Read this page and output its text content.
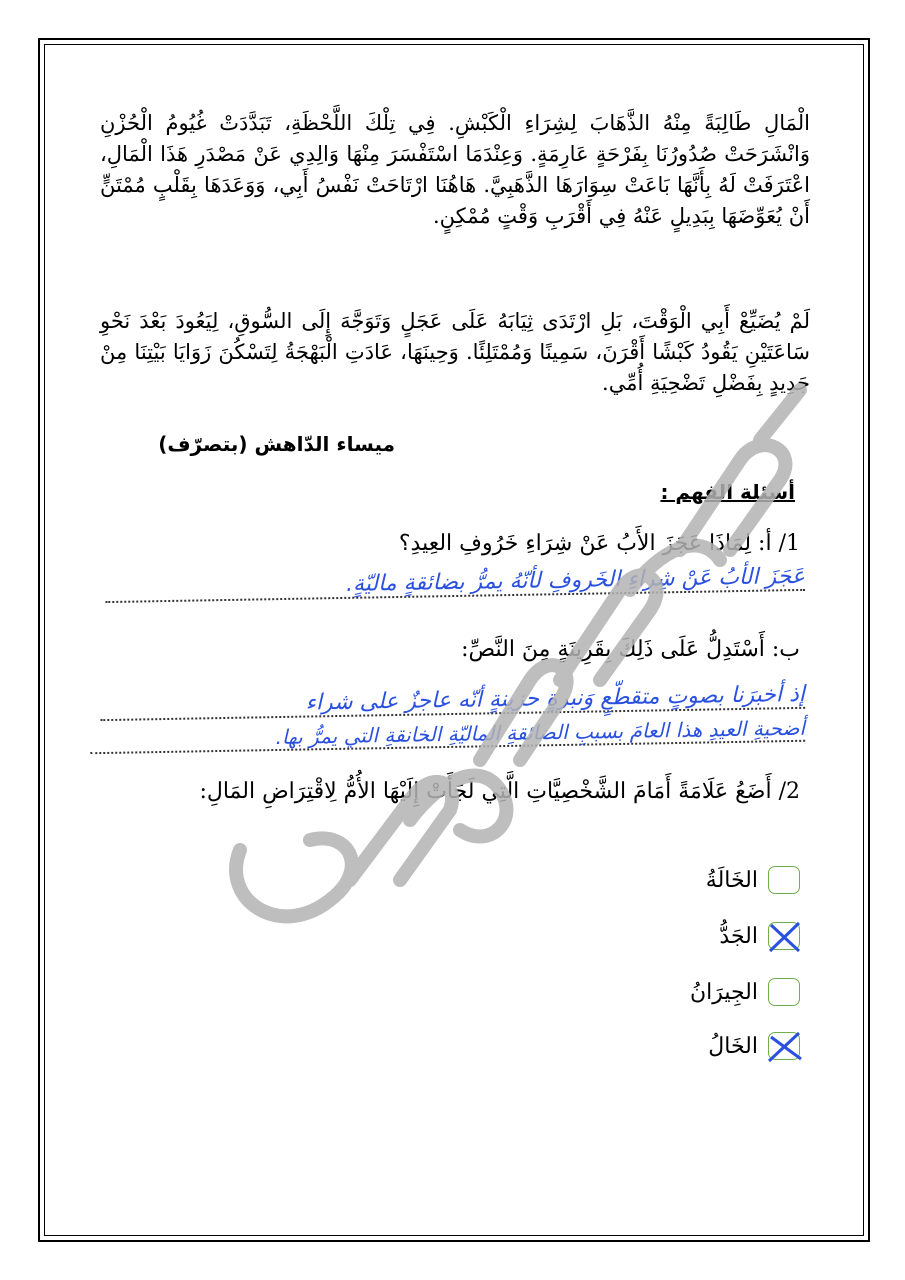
الْمَالِ طَالِبَةً مِنْهُ الذَّهَابَ لِشِرَاءِ الْكَبْشِ. فِي تِلْكَ اللَّحْظَةِ، تَبَدَّدَتْ غُيُومُ الْحُزْنِ وَانْشَرَحَتْ صُدُورُنَا بِفَرْحَةٍ عَارِمَةٍ. وَعِنْدَمَا اسْتَفْسَرَ مِنْهَا وَالِدِي عَنْ مَصْدَرِ هَذَا الْمَالِ، اعْتَرَفَتْ لَهُ بِأَنَّهَا بَاعَتْ سِوَارَهَا الذَّهَبِيَّ. هَاهُنَا ارْتَاحَتْ نَفْسُ أَبِي، وَوَعَدَهَا بِقَلْبٍ مُمْتَنٍّ أَنْ يُعَوِّضَهَا بِبَدِيلٍ عَنْهُ فِي أَقْرَبِ وَقْتٍ مُمْكِنٍ.

لَمْ يُضَيِّعْ أَبِي الْوَقْتَ، بَلِ ارْتَدَى ثِيَابَهُ عَلَى عَجَلٍ وَتَوَجَّهَ إِلَى السُّوقِ، لِيَعُودَ بَعْدَ نَحْوِ سَاعَتَيْنِ يَقُودُ كَبْشًا أَقْرَنَ، سَمِينًا وَمُمْتَلِئًا. وَحِينَهَا، عَادَتِ الْبَهْجَةُ لِتَسْكُنَ زَوَايَا بَيْتِنَا مِنْ جَدِيدٍ بِفَضْلِ تَضْحِيَةِ أُمِّي.

ميساء الدّاهش (بتصرّف)

أسئلة الفهم :

1/ أ: لِمَاذَا عَجَزَ الأَبُ عَنْ شِرَاءِ خَرُوفِ العِيدِ؟

عَجَزَ الأبُ عَنْ شِراءِ الخَروفِ لأنّهُ يمرُّ بضائقةٍ ماليّةٍ.

ب: أَسْتَدِلُّ عَلَى ذَلِكَ بِقَرِينَةٍ مِنَ النَّصِّ:

إذ أخبرَنا بصوتٍ متقطّعٍ وَنبرةٍ حزينةٍ أنّه عاجزٌ على شراء

أضحيةِ العيدِ هذا العامَ بسببِ الضائقةِ الماليّةِ الخانقةِ التي يمرُّ بها.

2/ أَضَعُ عَلَامَةً أَمَامَ الشَّخْصِيَّاتِ الَّتِي لَجَأَتْ إِلَيْهَا الأُمُّ لِاقْتِرَاضِ المَالِ:

الخَالَةُ
الجَدُّ
الجِيرَانُ
الخَالُ
